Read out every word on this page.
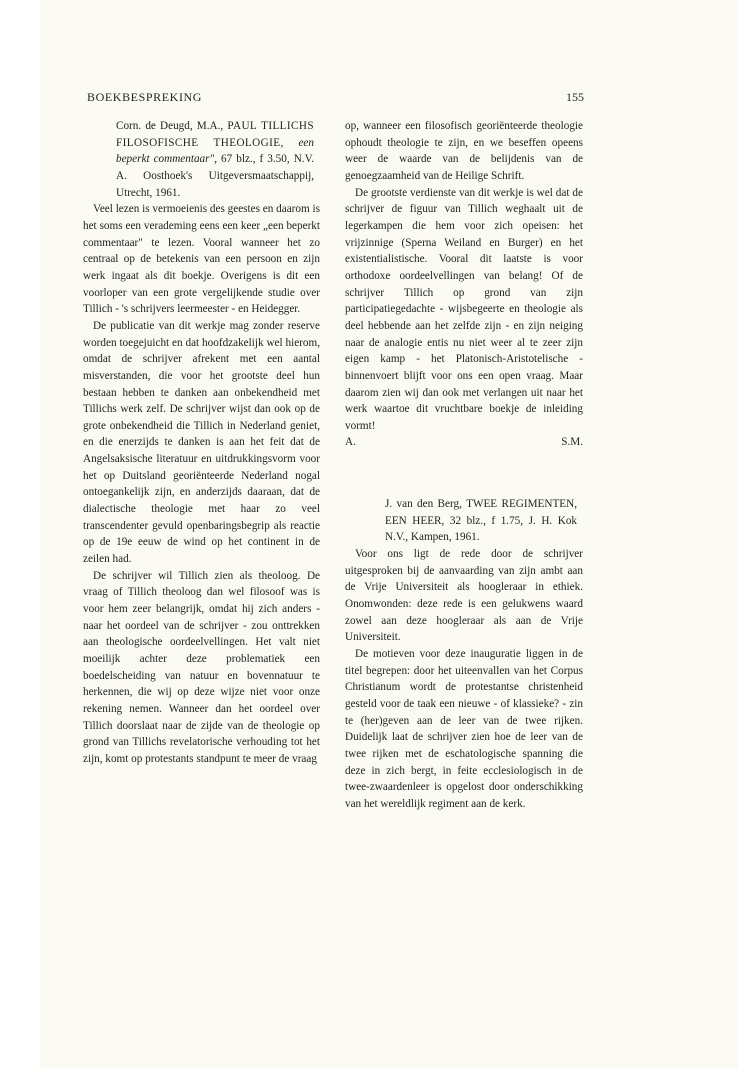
BOEKBESPREKING	155
Corn. de Deugd, M.A., PAUL TILLICHS FILOSOFISCHE THEOLOGIE, een beperkt commentaar", 67 blz., f 3.50, N.V. A. Oosthoek's Uitgeversmaatschappij, Utrecht, 1961.

Veel lezen is vermoeienis des geestes en daarom is het soms een verademing eens een keer „een beperkt commentaar" te lezen. Vooral wanneer het zo centraal op de betekenis van een persoon en zijn werk ingaat als dit boekje. Overigens is dit een voorloper van een grote vergelijkende studie over Tillich - 's schrijvers leermeester - en Heidegger.

De publicatie van dit werkje mag zonder reserve worden toegejuicht en dat hoofdzakelijk wel hierom, omdat de schrijver afrekent met een aantal misverstanden, die voor het grootste deel hun bestaan hebben te danken aan onbekendheid met Tillichs werk zelf. De schrijver wijst dan ook op de grote onbekendheid die Tillich in Nederland geniet, en die enerzijds te danken is aan het feit dat de Angelsaksische literatuur en uitdrukkingsvorm voor het op Duitsland georiënteerde Nederland nogal ontoegankelijk zijn, en anderzijds daaraan, dat de dialectische theologie met haar zo veel transcendenter gevuld openbaringsbegrip als reactie op de 19e eeuw de wind op het continent in de zeilen had.

De schrijver wil Tillich zien als theoloog. De vraag of Tillich theoloog dan wel filosoof was is voor hem zeer belangrijk, omdat hij zich anders - naar het oordeel van de schrijver - zou onttrekken aan theologische oordeelvellingen. Het valt niet moeilijk achter deze problematiek een boedelscheiding van natuur en bovennatuur te herkennen, die wij op deze wijze niet voor onze rekening nemen. Wanneer dan het oordeel over Tillich doorslaat naar de zijde van de theologie op grond van Tillichs revelatorische verhouding tot het zijn, komt op protestants standpunt te meer de vraag

op, wanneer een filosofisch georiënteerde theologie ophoudt theologie te zijn, en we beseffen opeens weer de waarde van de belijdenis van de genoegzaamheid van de Heilige Schrift.

De grootste verdienste van dit werkje is wel dat de schrijver de figuur van Tillich weghaalt uit de legerkampen die hem voor zich opeisen: het vrijzinnige (Sperna Weiland en Burger) en het existentialistische. Vooral dit laatste is voor orthodoxe oordeelvellingen van belang! Of de schrijver Tillich op grond van zijn participatiegedachte - wijsbegeerte en theologie als deel hebbende aan het zelfde zijn - en zijn neiging naar de analogie entis nu niet weer al te zeer zijn eigen kamp - het Platonisch-Aristotelische - binnenvoert blijft voor ons een open vraag. Maar daarom zien wij dan ook met verlangen uit naar het werk waartoe dit vruchtbare boekje de inleiding vormt!

A.	S.M.
J. van den Berg, TWEE REGIMENTEN, EEN HEER, 32 blz., f 1.75, J. H. Kok N.V., Kampen, 1961.

Voor ons ligt de rede door de schrijver uitgesproken bij de aanvaarding van zijn ambt aan de Vrije Universiteit als hoogleraar in ethiek. Onomwonden: deze rede is een gelukwens waard zowel aan deze hoogleraar als aan de Vrije Universiteit.

De motieven voor deze inauguratie liggen in de titel begrepen: door het uiteenvallen van het Corpus Christianum wordt de protestantse christenheid gesteld voor de taak een nieuwe - of klassieke? - zin te (her)geven aan de leer van de twee rijken. Duidelijk laat de schrijver zien hoe de leer van de twee rijken met de eschatologische spanning die deze in zich bergt, in feite ecclesiologisch in de twee-zwaardenleer is opgelost door onderschikking van het wereldlijk regiment aan de kerk.
